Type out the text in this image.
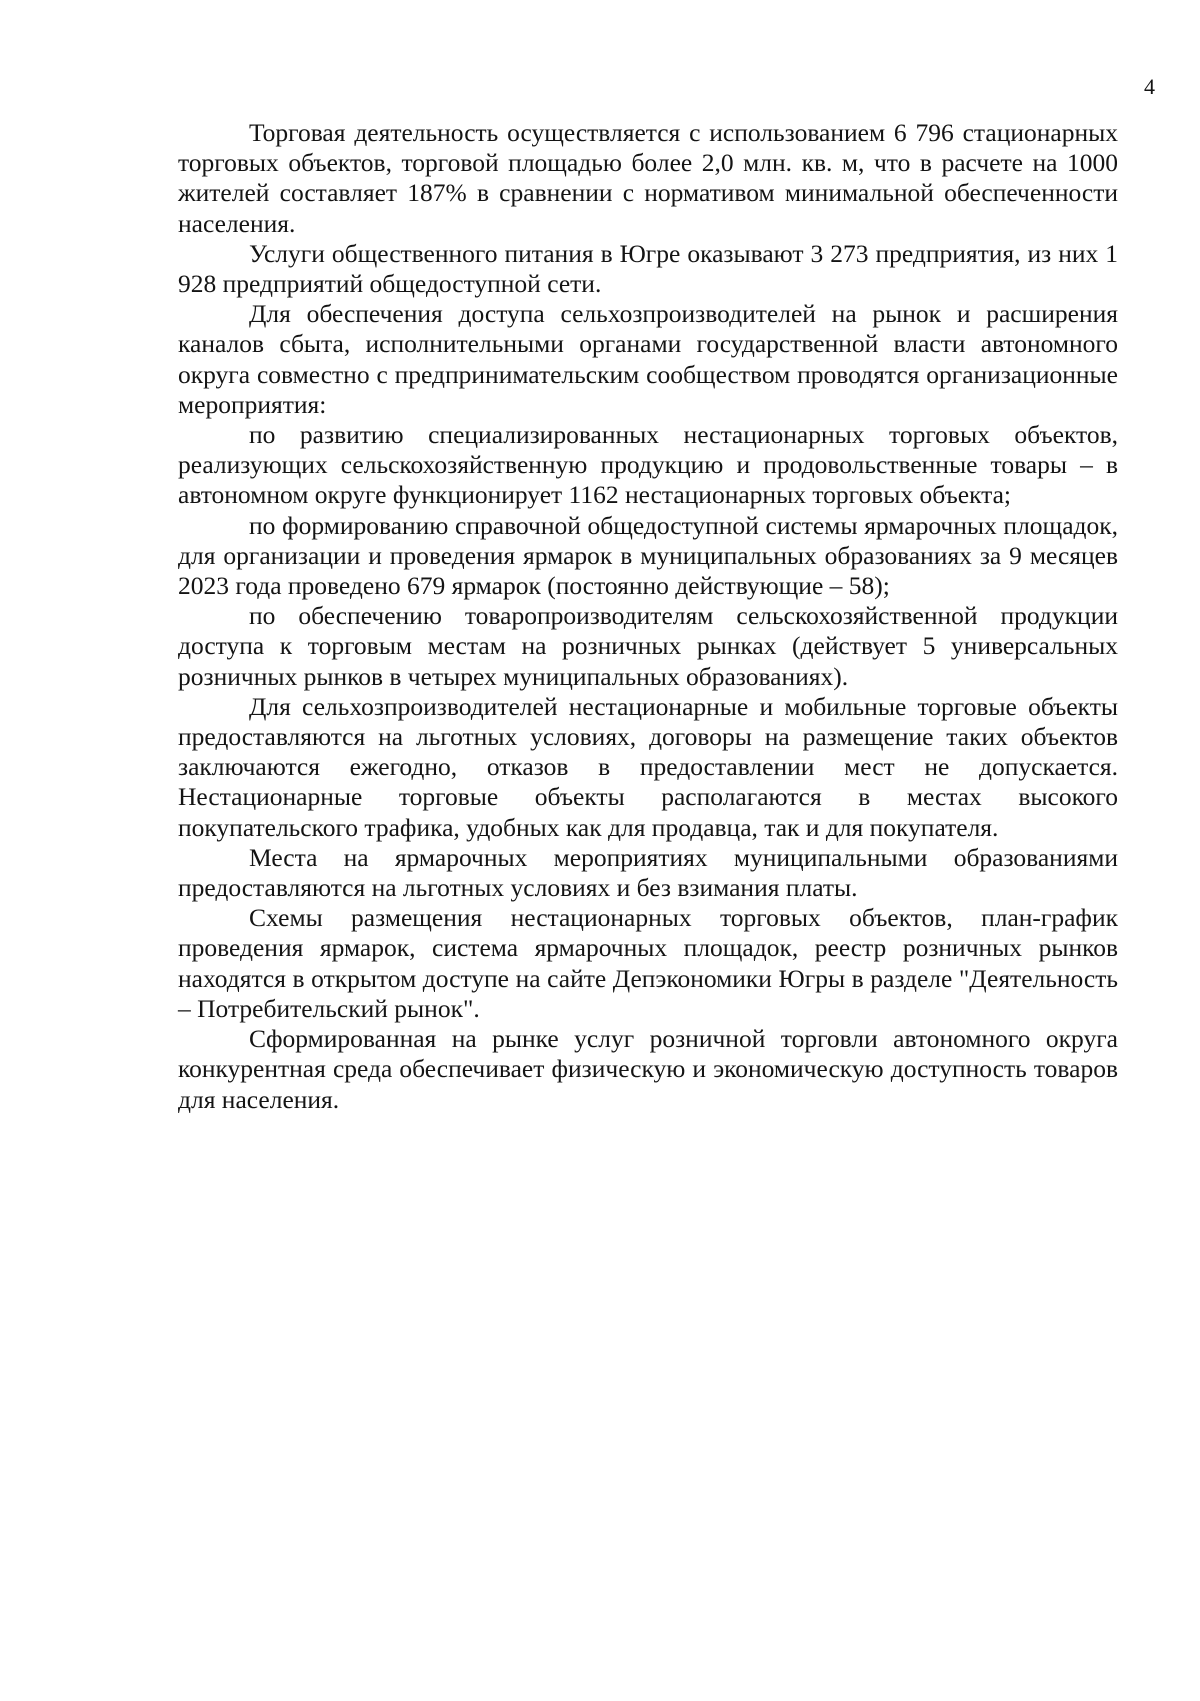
4

Торговая деятельность осуществляется с использованием 6 796 стационарных торговых объектов, торговой площадью более 2,0 млн. кв. м, что в расчете на 1000 жителей составляет 187% в сравнении с нормативом минимальной обеспеченности населения.

Услуги общественного питания в Югре оказывают 3 273 предприятия, из них 1 928 предприятий общедоступной сети.

Для обеспечения доступа сельхозпроизводителей на рынок и расширения каналов сбыта, исполнительными органами государственной власти автономного округа совместно с предпринимательским сообществом проводятся организационные мероприятия:

по развитию специализированных нестационарных торговых объектов, реализующих сельскохозяйственную продукцию и продовольственные товары – в автономном округе функционирует 1162 нестационарных торговых объекта;

по формированию справочной общедоступной системы ярмарочных площадок, для организации и проведения ярмарок в муниципальных образованиях за 9 месяцев 2023 года проведено 679 ярмарок (постоянно действующие – 58);

по обеспечению товаропроизводителям сельскохозяйственной продукции доступа к торговым местам на розничных рынках (действует 5 универсальных розничных рынков в четырех муниципальных образованиях).

Для сельхозпроизводителей нестационарные и мобильные торговые объекты предоставляются на льготных условиях, договоры на размещение таких объектов заключаются ежегодно, отказов в предоставлении мест не допускается. Нестационарные торговые объекты располагаются в местах высокого покупательского трафика, удобных как для продавца, так и для покупателя.

Места на ярмарочных мероприятиях муниципальными образованиями предоставляются на льготных условиях и без взимания платы.

Схемы размещения нестационарных торговых объектов, план-график проведения ярмарок, система ярмарочных площадок, реестр розничных рынков находятся в открытом доступе на сайте Депэкономики Югры в разделе "Деятельность – Потребительский рынок".

Сформированная на рынке услуг розничной торговли автономного округа конкурентная среда обеспечивает физическую и экономическую доступность товаров для населения.
